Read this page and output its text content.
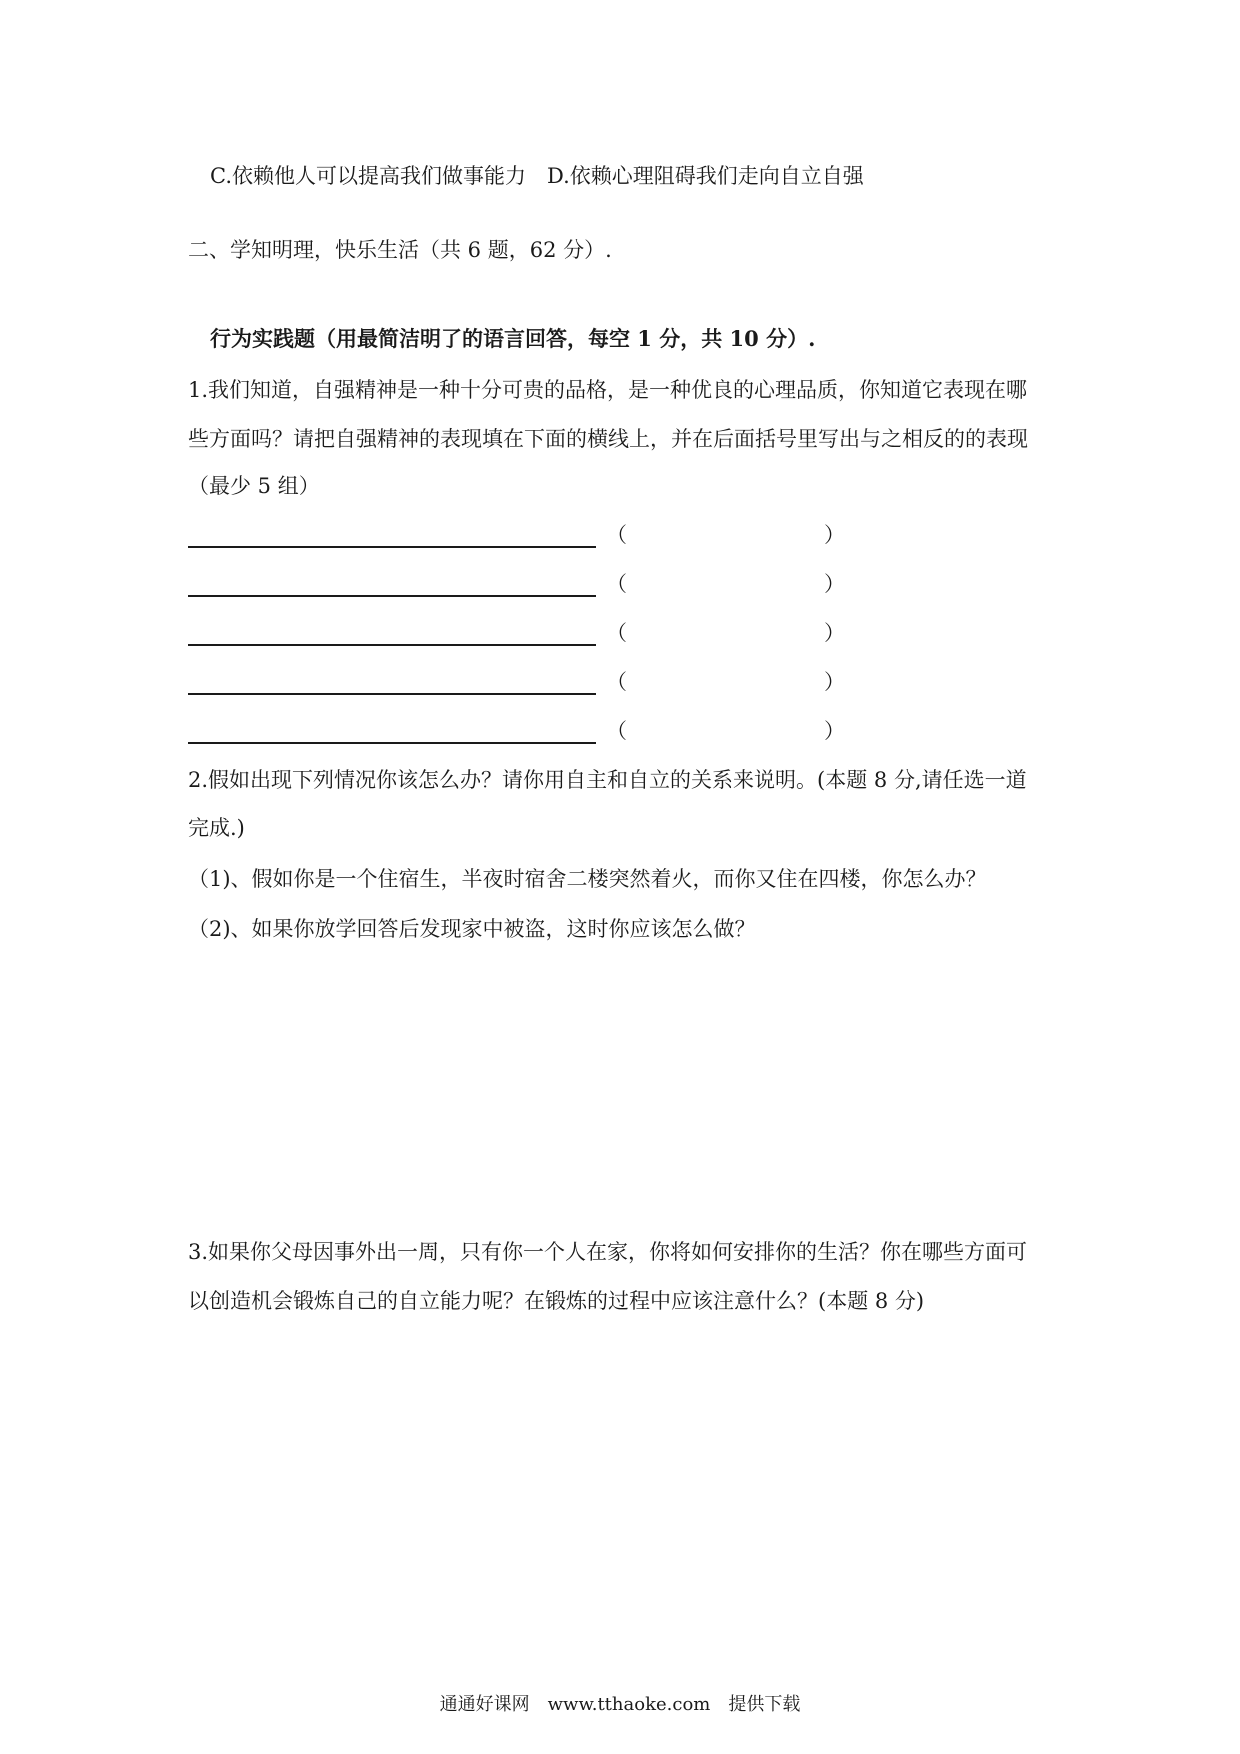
C.依赖他人可以提高我们做事能力　D.依赖心理阻碍我们走向自立自强
二、学知明理，快乐生活（共 6 题，62 分）.
行为实践题（用最简洁明了的语言回答，每空 1 分，共 10 分）.
1.我们知道，自强精神是一种十分可贵的品格，是一种优良的心理品质，你知道它表现在哪
些方面吗？请把自强精神的表现填在下面的横线上，并在后面括号里写出与之相反的的表现
（最少 5 组）
（	）
（	）
（	）
（	）
（	）
2.假如出现下列情况你该怎么办？请你用自主和自立的关系来说明。(本题 8 分,请任选一道
完成.)
（1)、假如你是一个住宿生，半夜时宿舍二楼突然着火，而你又住在四楼，你怎么办？
（2)、如果你放学回答后发现家中被盗，这时你应该怎么做？
3.如果你父母因事外出一周，只有你一个人在家，你将如何安排你的生活？你在哪些方面可
以创造机会锻炼自己的自立能力呢？在锻炼的过程中应该注意什么？(本题 8 分)
通通好课网　www.tthaoke.com　提供下载
